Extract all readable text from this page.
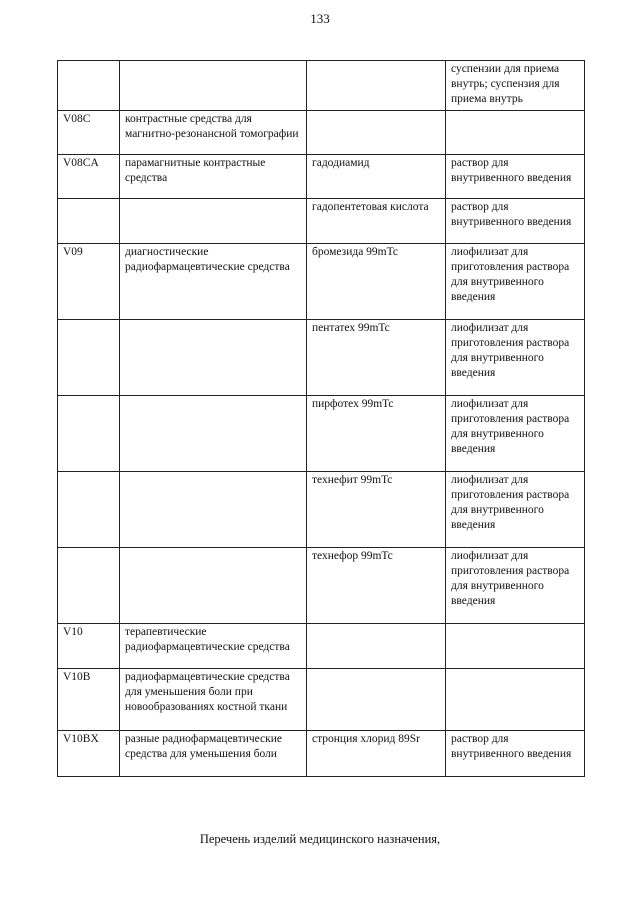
133
			суспензии для приема внутрь; суспензия для приема внутрь
V08C	контрастные средства для магнитно-резонансной томографии		
V08CA	парамагнитные контрастные средства	гадодиамид	раствор для внутривенного введения
		гадопентетовая кислота	раствор для внутривенного введения
V09	диагностические радиофармацевтические средства	бромезида 99mTc	лиофилизат для приготовления раствора для внутривенного введения
		пентатех 99mTc	лиофилизат для приготовления раствора для внутривенного введения
		пирфотех 99mTc	лиофилизат для приготовления раствора для внутривенного введения
		технефит 99mTc	лиофилизат для приготовления раствора для внутривенного введения
		технефор 99mTc	лиофилизат для приготовления раствора для внутривенного введения
V10	терапевтические радиофармацевтические средства		
V10B	радиофармацевтические средства для уменьшения боли при новообразованиях костной ткани		
V10BX	разные радиофармацевтические средства для уменьшения боли	стронция хлорид 89Sr	раствор для внутривенного введения
Перечень изделий медицинского назначения,
